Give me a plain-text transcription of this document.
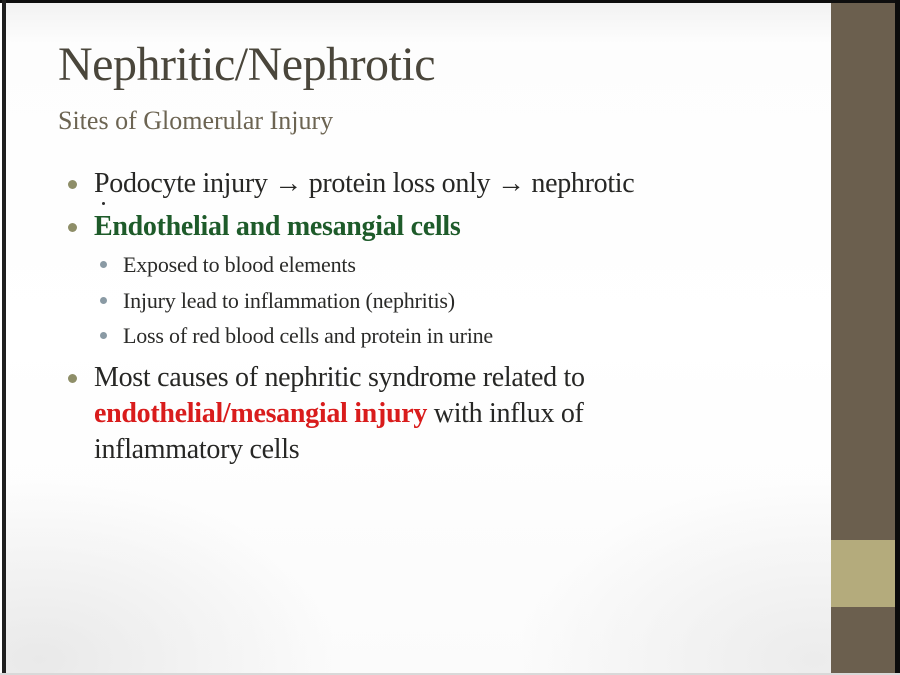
Nephritic/Nephrotic
Sites of Glomerular Injury
Podocyte injury → protein loss only → nephrotic
Endothelial and mesangial cells
Exposed to blood elements
Injury lead to inflammation (nephritis)
Loss of red blood cells and protein in urine
Most causes of nephritic syndrome related to
endothelial/mesangial injury with influx of
inflammatory cells
